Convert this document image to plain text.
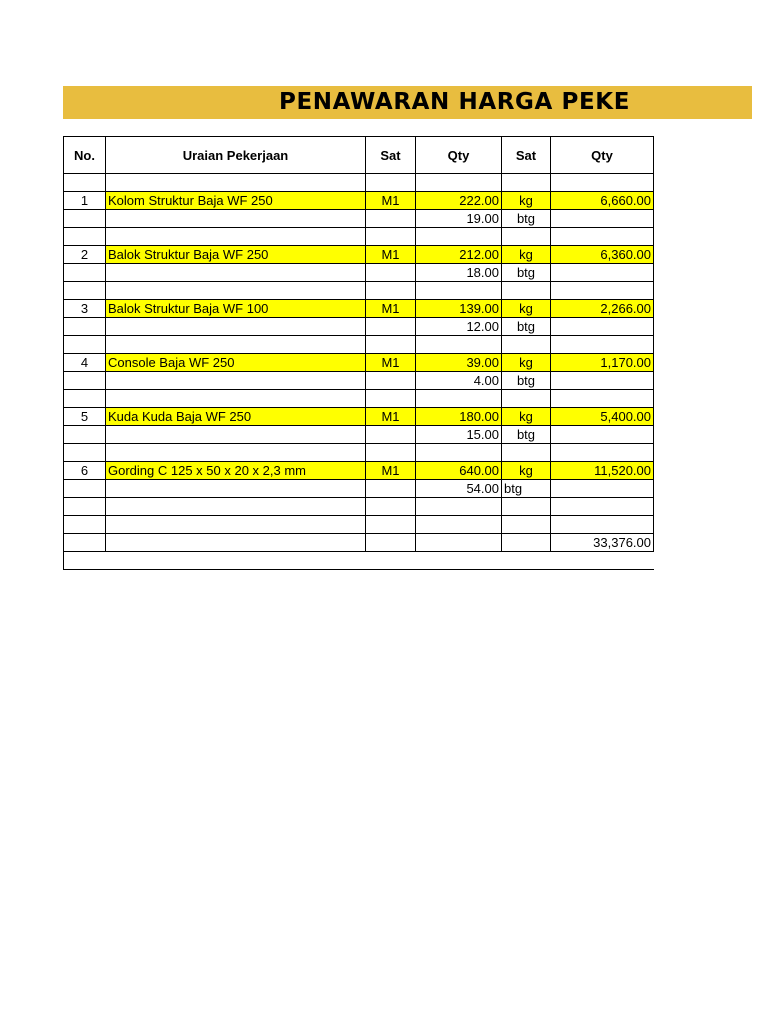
PENAWARAN HARGA PEKE
No.	Uraian Pekerjaan	Sat	Qty	Sat	Qty

1	Kolom Struktur Baja WF 250	M1	222.00	kg	6,660.00
			19.00	btg	

2	Balok Struktur Baja WF 250	M1	212.00	kg	6,360.00
			18.00	btg	

3	Balok Struktur Baja WF 100	M1	139.00	kg	2,266.00
			12.00	btg	

4	Console Baja WF 250	M1	39.00	kg	1,170.00
			4.00	btg	

5	Kuda Kuda Baja WF 250	M1	180.00	kg	5,400.00
			15.00	btg	

6	Gording C 125 x 50 x 20 x 2,3 mm	M1	640.00	kg	11,520.00
			54.00	btg	

					33,376.00
